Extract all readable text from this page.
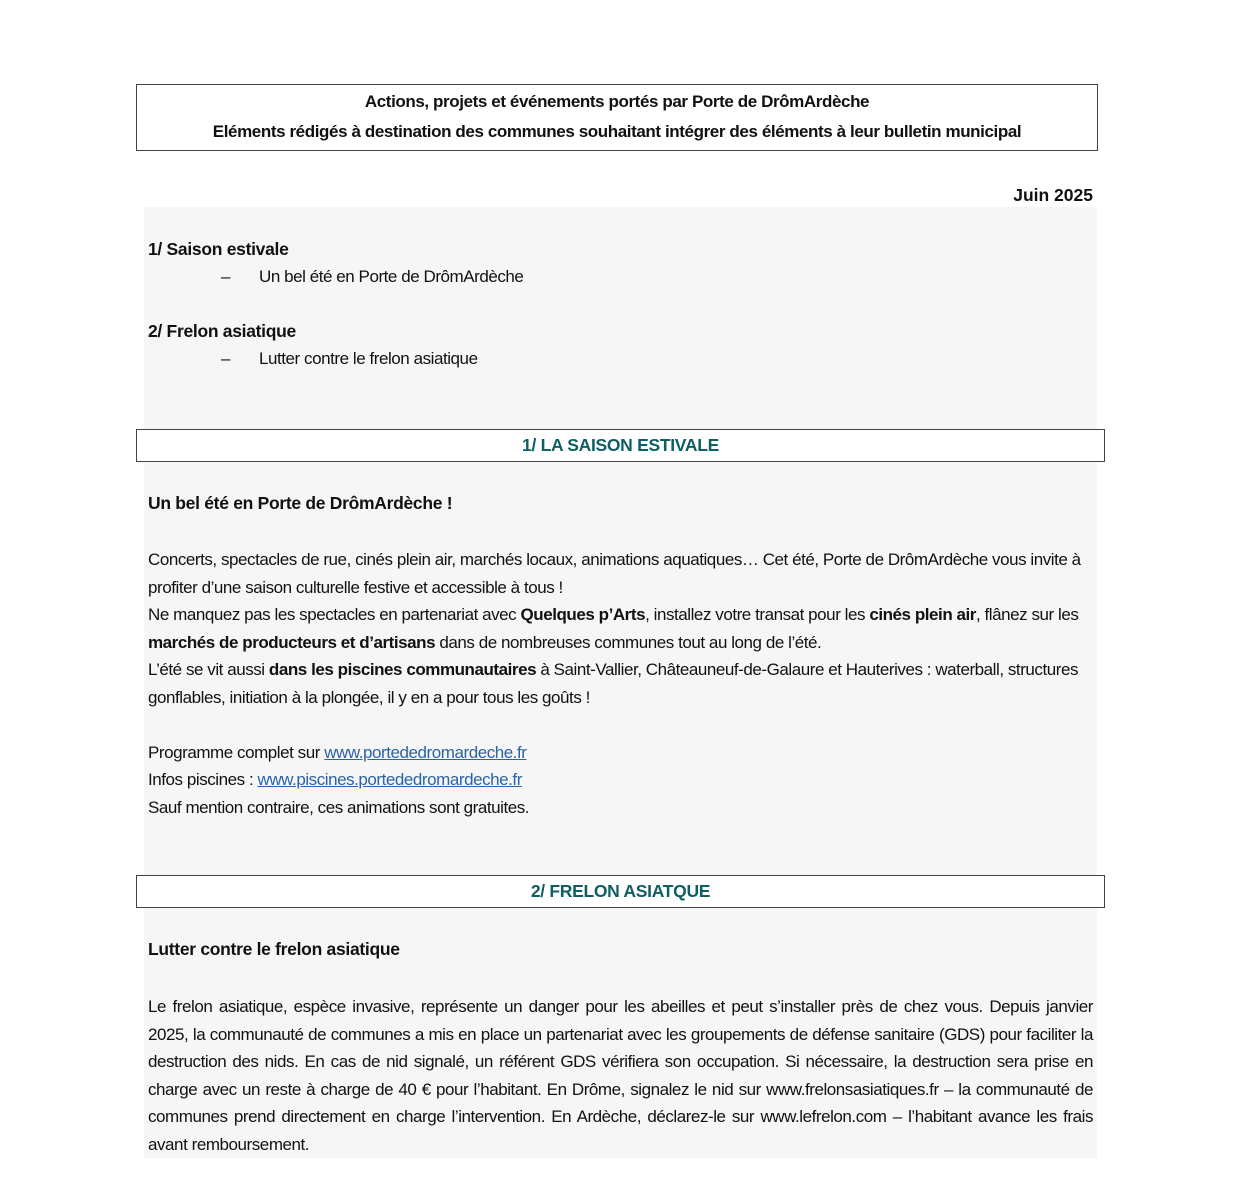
Actions, projets et événements portés par Porte de DrômArdèche
Eléments rédigés à destination des communes souhaitant intégrer des éléments à leur bulletin municipal
Juin 2025
1/ Saison estivale
– Un bel été en Porte de DrômArdèche
2/ Frelon asiatique
– Lutter contre le frelon asiatique
1/ LA SAISON ESTIVALE
Un bel été en Porte de DrômArdèche !
Concerts, spectacles de rue, cinés plein air, marchés locaux, animations aquatiques… Cet été, Porte de DrômArdèche vous invite à profiter d’une saison culturelle festive et accessible à tous !
Ne manquez pas les spectacles en partenariat avec Quelques p’Arts, installez votre transat pour les cinés plein air, flânez sur les marchés de producteurs et d’artisans dans de nombreuses communes tout au long de l’été.
L’été se vit aussi dans les piscines communautaires à Saint-Vallier, Châteauneuf-de-Galaure et Hauterives : waterball, structures gonflables, initiation à la plongée, il y en a pour tous les goûts !
Programme complet sur www.portededromardeche.fr
Infos piscines : www.piscines.portededromardeche.fr
Sauf mention contraire, ces animations sont gratuites.
2/ FRELON ASIATQUE
Lutter contre le frelon asiatique
Le frelon asiatique, espèce invasive, représente un danger pour les abeilles et peut s’installer près de chez vous. Depuis janvier 2025, la communauté de communes a mis en place un partenariat avec les groupements de défense sanitaire (GDS) pour faciliter la destruction des nids. En cas de nid signalé, un référent GDS vérifiera son occupation. Si nécessaire, la destruction sera prise en charge avec un reste à charge de 40 € pour l’habitant. En Drôme, signalez le nid sur www.frelonsasiatiques.fr – la communauté de communes prend directement en charge l’intervention. En Ardèche, déclarez-le sur www.lefrelon.com – l’habitant avance les frais avant remboursement.
